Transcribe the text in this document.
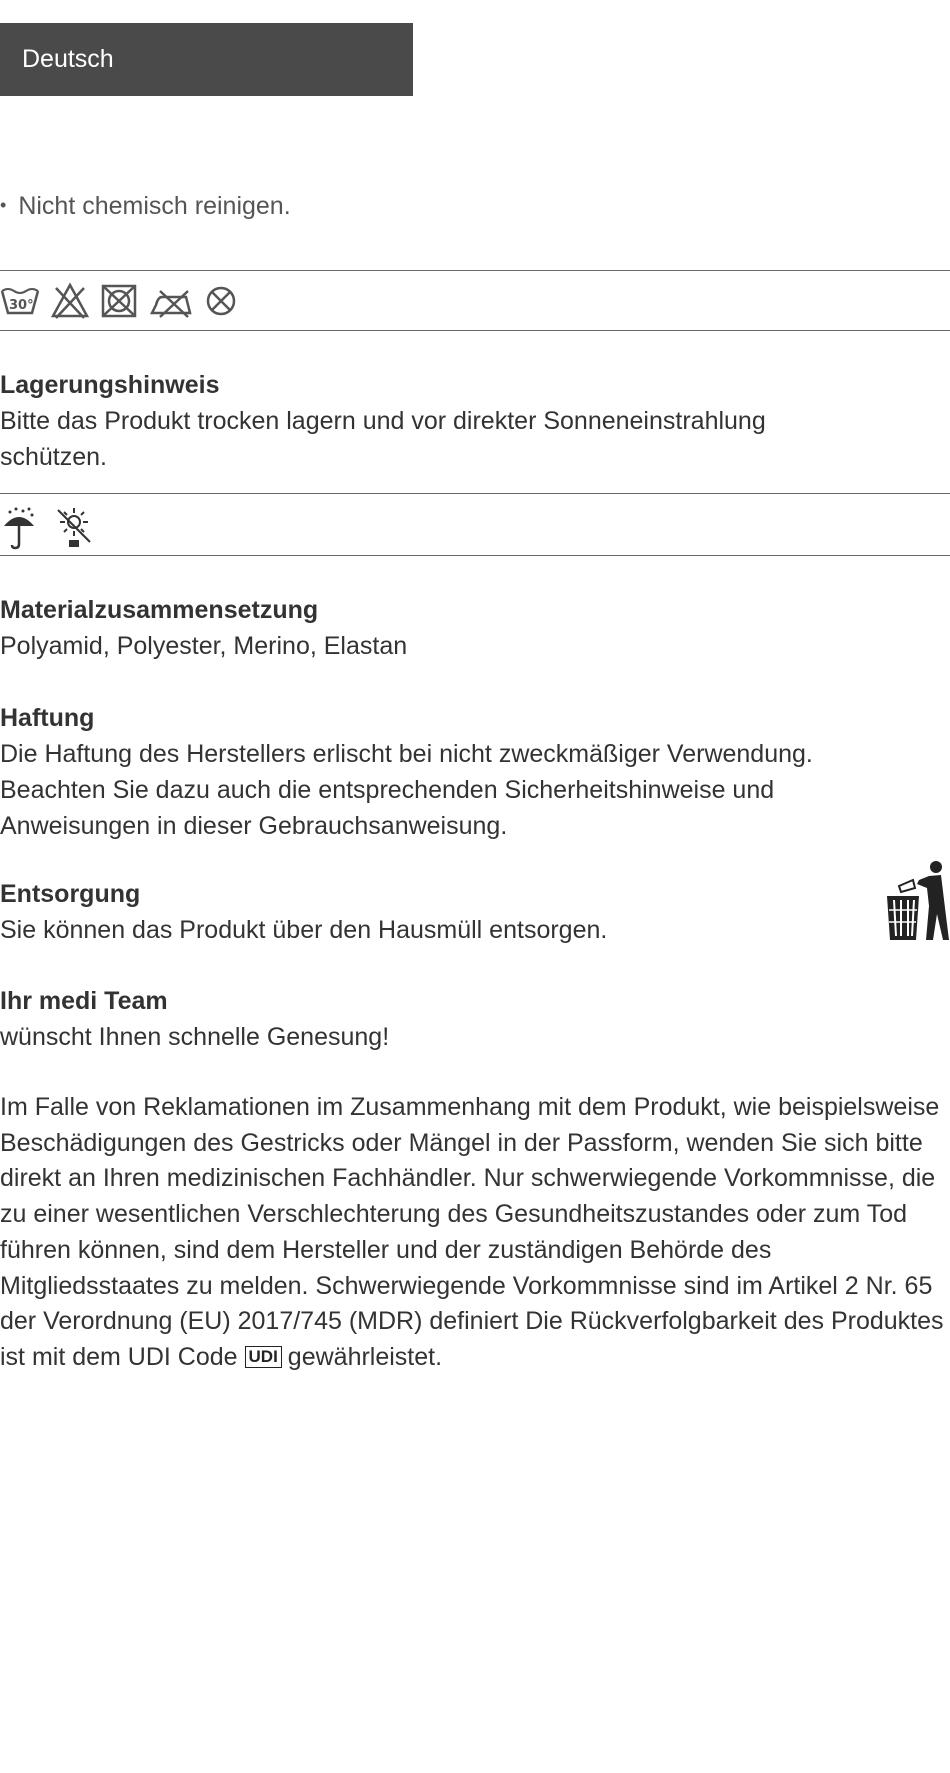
Deutsch
• Nicht chemisch reinigen.
30°
Lagerungshinweis
Bitte das Produkt trocken lagern und vor direkter Sonneneinstrahlung schützen.
Materialzusammensetzung
Polyamid, Polyester, Merino, Elastan
Haftung
Die Haftung des Herstellers erlischt bei nicht zweckmäßiger Verwendung. Beachten Sie dazu auch die entsprechenden Sicherheitshinweise und Anweisungen in dieser Gebrauchsanweisung.
Entsorgung
Sie können das Produkt über den Hausmüll entsorgen.
Ihr medi Team
wünscht Ihnen schnelle Genesung!
Im Falle von Reklamationen im Zusammenhang mit dem Produkt, wie beispielsweise Beschädigungen des Gestricks oder Mängel in der Passform, wenden Sie sich bitte direkt an Ihren medizinischen Fachhändler. Nur schwerwiegende Vorkommnisse, die zu einer wesentlichen Verschlechterung des Gesundheitszustandes oder zum Tod führen können, sind dem Hersteller und der zuständigen Behörde des Mitgliedsstaates zu melden. Schwerwiegende Vorkommnisse sind im Artikel 2 Nr. 65 der Verordnung (EU) 2017/745 (MDR) definiert Die Rückverfolgbarkeit des Produktes ist mit dem UDI Code UDI gewährleistet.
